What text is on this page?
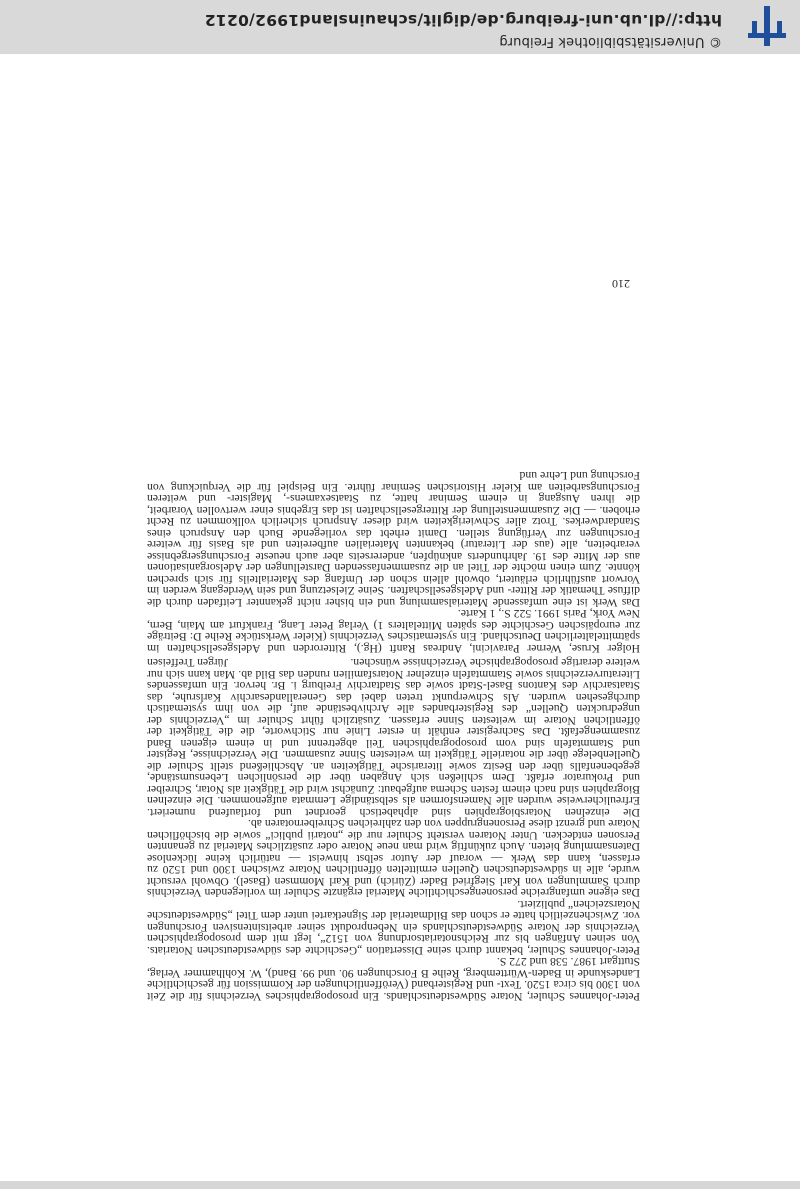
Peter-Johannes Schuler, Notare Südwestdeutschlands. Ein prosopographisches Verzeichnis für die Zeit von 1300 bis circa 1520. Text- und Registerband (Veröffentlichungen der Kommission für geschichtliche Landeskunde in Baden-Württemberg, Reihe B Forschungen 90. und 99. Band), W. Kohlhammer Verlag, Stuttgart 1987. 538 und 272 S.

Peter-Johannes Schuler, bekannt durch seine Dissertation „Geschichte des südwestdeutschen Notariats. Von seinen Anfängen bis zur Reichsnotariatsordnung von 1512“, legt mit dem prosopographischen Verzeichnis der Notare Südwestdeutschlands ein Nebenprodukt seiner arbeitsintensiven Forschungen vor. Zwischenzeitlich hatte er schon das Bildmaterial der Signetkartei unter dem Titel „Südwestdeutsche Notarszeichen“ publiziert.

Das eigene umfangreiche personengeschichtliche Material ergänzte Schuler im vorliegenden Verzeichnis durch Sammlungen von Karl Siegfried Bader (Zürich) und Karl Mommsen (Basel). Obwohl versucht wurde, alle in südwestdeutschen Quellen ermittelten öffentlichen Notare zwischen 1300 und 1520 zu erfassen, kann das Werk — worauf der Autor selbst hinweist — natürlich keine lückenlose Datensammlung bieten. Auch zukünftig wird man neue Notare oder zusätzliches Material zu genannten Personen entdecken. Unter Notaren versteht Schuler nur die „notarii publici“ sowie die bischöflichen Notare und grenzt diese Personengruppen von den zahlreichen Schreibernotaren ab.

Die einzelnen Notarsbiographien sind alphabetisch geordnet und fortlaufend numeriert. Erfreulicherweise wurden alle Namensformen als selbständige Lemmata aufgenommen. Die einzelnen Biographien sind nach einem festen Schema aufgebaut: Zunächst wird die Tätigkeit als Notar, Schreiber und Prokurator erfaßt. Dem schließen sich Angaben über die persönlichen Lebensumstände, gegebenenfalls über den Besitz sowie literarische Tätigkeiten an. Abschließend stellt Schuler die Quellenbelege über die notarielle Tätigkeit im weitesten Sinne zusammen. Die Verzeichnisse, Register und Stammtafeln sind vom prosopographischen Teil abgetrennt und in einem eigenen Band zusammengefaßt. Das Sachregister enthält in erster Linie nur Stichworte, die die Tätigkeit der öffentlichen Notare im weitesten Sinne erfassen. Zusätzlich führt Schuler im „Verzeichnis der ungedruckten Quellen“ des Registerbandes alle Archivbestände auf, die von ihm systematisch durchgesehen wurden. Als Schwerpunkt treten dabei das Generallandesarchiv Karlsruhe, das Staatsarchiv des Kantons Basel-Stadt sowie das Stadtarchiv Freiburg i. Br. hervor. Ein umfassendes Literaturverzeichnis sowie Stammtafeln einzelner Notarsfamilien runden das Bild ab. Man kann sich nur weitere derartige prosopographische Verzeichnisse wünschen.

Jürgen Treffeisen

Holger Kruse, Werner Paravicini, Andreas Ranft (Hg.), Ritterorden und Adelsgesellschaften im spätmittelalterlichen Deutschland. Ein systematisches Verzeichnis (Kieler Werkstücke Reihe D: Beiträge zur europäischen Geschichte des späten Mittelalters 1) Verlag Peter Lang, Frankfurt am Main, Bern, New York, Paris 1991. 522 S., 1 Karte.

Das Werk ist eine umfassende Materialsammlung und ein bisher nicht gekannter Leitfaden durch die diffuse Thematik der Ritter- und Adelsgesellschaften. Seine Zielsetzung und sein Werdegang werden im Vorwort ausführlich erläutert, obwohl allein schon der Umfang des Materialteils für sich sprechen könnte. Zum einen möchte der Titel an die zusammenfassenden Darstellungen der Adelsorganisationen aus der Mitte des 19. Jahrhunderts anknüpfen, andererseits aber auch neueste Forschungsergebnisse verarbeiten, alle (aus der Literatur) bekannten Materialien aufbereiten und als Basis für weitere Forschungen zur Verfügung stellen. Damit erhebt das vorliegende Buch den Anspruch eines Standardwerkes. Trotz aller Schwierigkeiten wird dieser Anspruch sicherlich vollkommen zu Recht erhoben. — Die Zusammenstellung der Rittergesellschaften ist das Ergebnis einer wertvollen Vorarbeit, die ihren Ausgang in einem Seminar hatte, zu Staatsexamens-, Magister- und weiteren Forschungsarbeiten am Kieler Historischen Seminar führte. Ein Beispiel für die Verquickung von Forschung und Lehre und

210
© Universitätsbibliothek Freiburg
http://dl.ub.uni-freiburg.de/diglit/schauinsland1992/0212
